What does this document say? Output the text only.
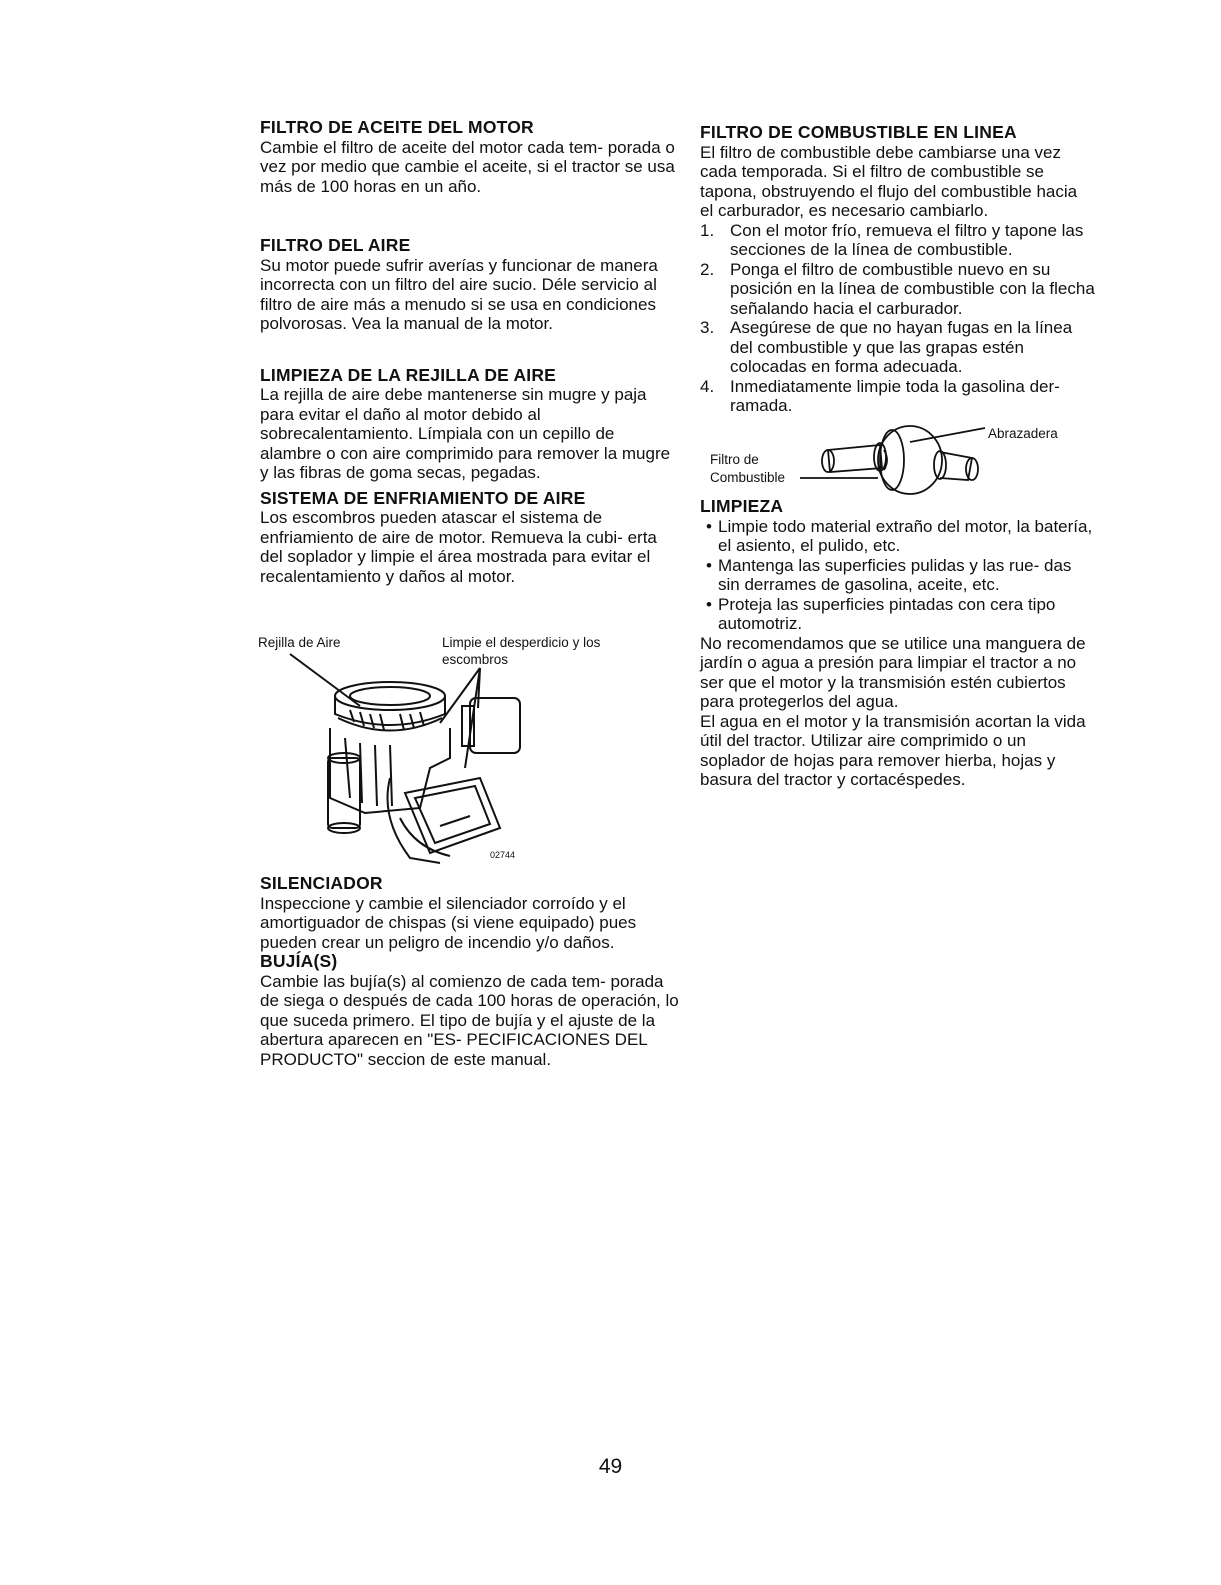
FILTRO DE ACEITE DEL MOTOR
Cambie el filtro de aceite del motor cada tem- porada o vez por medio que cambie el aceite, si el tractor se usa más de 100 horas en un año.
FILTRO DEL AIRE
Su motor puede sufrir averías y funcionar de manera incorrecta con un filtro del aire sucio. Déle servicio al filtro de aire más a menudo si se usa en condiciones polvorosas. Vea la manual de la motor.
LIMPIEZA DE LA REJILLA DE AIRE
La rejilla de aire debe mantenerse sin mugre y paja para evitar el daño al motor debido al sobrecalentamiento. Límpiala con un cepillo de alambre o con aire comprimido para remover la mugre y las fibras de goma secas, pegadas.
SISTEMA DE ENFRIAMIENTO DE AIRE
Los escombros pueden atascar el sistema de enfriamiento de aire de motor. Remueva la cubi- erta del soplador y limpie el área mostrada para evitar el recalentamiento y daños al motor.
Rejilla de Aire	Limpie el desperdicio y los
escombros
02744
SILENCIADOR
Inspeccione y cambie el silenciador corroído y el amortiguador de chispas (si viene equipado) pues pueden crear un peligro de incendio y/o daños.
BUJÍA(S)
Cambie las bujía(s) al comienzo de cada tem- porada de siega o después de cada 100 horas de operación, lo que suceda primero. El tipo de bujía y el ajuste de la abertura aparecen en "ES- PECIFICACIONES DEL PRODUCTO" seccion de este manual.
FILTRO DE COMBUSTIBLE EN LINEA
El filtro de combustible debe cambiarse una vez cada temporada. Si el filtro de combustible se tapona, obstruyendo el flujo del combustible hacia el carburador, es necesario cambiarlo.
1. Con el motor frío, remueva el filtro y tapone las secciones de la línea de combustible.
2. Ponga el filtro de combustible nuevo en su posición en la línea de combustible con la flecha señalando hacia el carburador.
3. Asegúrese de que no hayan fugas en la línea del combustible y que las grapas estén colocadas en forma adecuada.
4. Inmediatamente limpie toda la gasolina der- ramada.
Abrazadera
Filtro de
Combustible
LIMPIEZA
• Limpie todo material extraño del motor, la batería, el asiento, el pulido, etc.
• Mantenga las superficies pulidas y las rue- das sin derrames de gasolina, aceite, etc.
• Proteja las superficies pintadas con cera tipo automotriz.
No recomendamos que se utilice una manguera de jardín o agua a presión para limpiar el tractor a no ser que el motor y la transmisión estén cubiertos para protegerlos del agua.
El agua en el motor y la transmisión acortan la vida útil del tractor. Utilizar aire comprimido o un soplador de hojas para remover hierba, hojas y basura del tractor y cortacéspedes.
49
